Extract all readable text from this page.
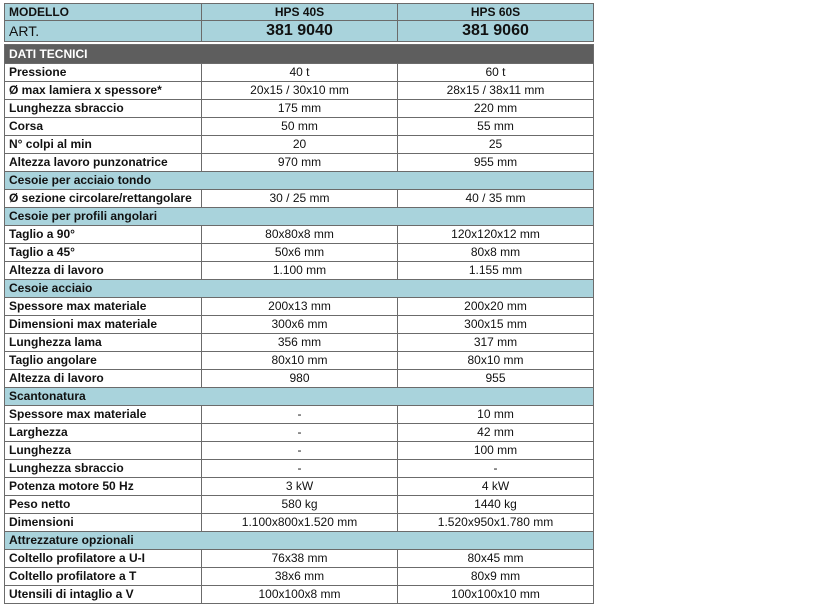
MODELLO	HPS 40S	HPS 60S
ART.	381 9040	381 9060

DATI TECNICI		
Pressione	40 t	60 t
Ø max lamiera x spessore*	20x15 / 30x10 mm	28x15 / 38x11 mm
Lunghezza sbraccio	175 mm	220 mm
Corsa	50 mm	55 mm
N° colpi al min	20	25
Altezza lavoro punzonatrice	970 mm	955 mm
Cesoie per acciaio tondo		
Ø sezione circolare/rettangolare	30 / 25 mm	40 / 35 mm
Cesoie per profili angolari		
Taglio a 90°	80x80x8 mm	120x120x12 mm
Taglio a 45°	50x6 mm	80x8 mm
Altezza di lavoro	1.100 mm	1.155 mm
Cesoie acciaio		
Spessore max materiale	200x13 mm	200x20 mm
Dimensioni max materiale	300x6 mm	300x15 mm
Lunghezza lama	356 mm	317 mm
Taglio angolare	80x10 mm	80x10 mm
Altezza di lavoro	980	955
Scantonatura		
Spessore max materiale	-	10 mm
Larghezza	-	42 mm
Lunghezza	-	100 mm
Lunghezza sbraccio	-	-
Potenza motore 50 Hz	3 kW	4 kW
Peso netto	580 kg	1440 kg
Dimensioni	1.100x800x1.520 mm	1.520x950x1.780 mm
Attrezzature opzionali		
Coltello profilatore a U-I	76x38 mm	80x45 mm
Coltello profilatore a T	38x6 mm	80x9 mm
Utensili di intaglio a V	100x100x8 mm	100x100x10 mm
